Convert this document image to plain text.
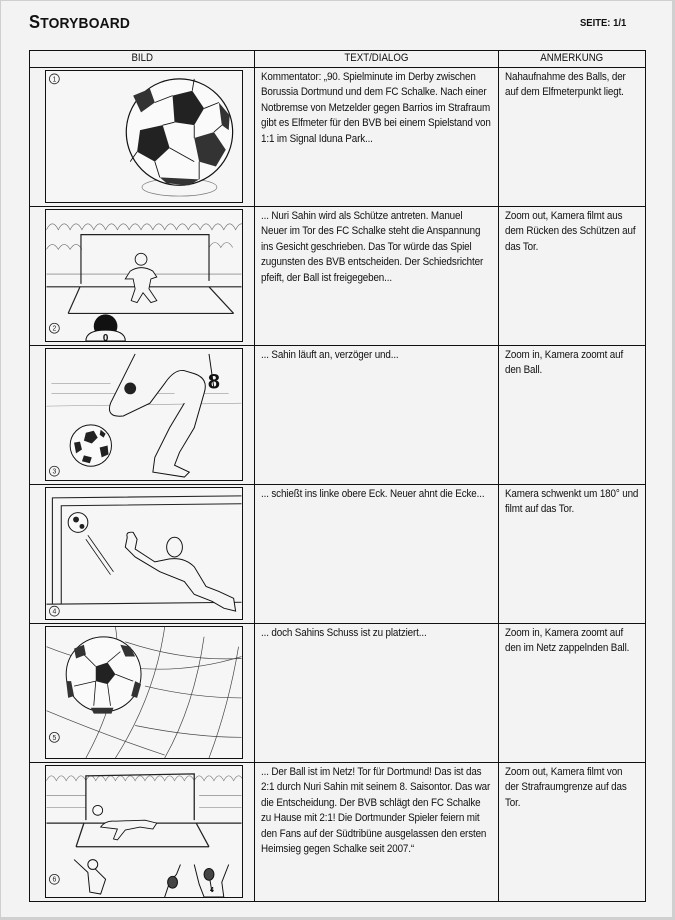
STORYBOARD	SEITE: 1/1
BILD	TEXT/DIALOG	ANMERKUNG

1	Kommentator: „90. Spielminute im Derby zwischen Borussia Dortmund und dem FC Schalke. Nach einer Notbremse von Metzelder gegen Barrios im Strafraum gibt es Elfmeter für den BVB bei einem Spielstand von 1:1 im Signal Iduna Park...	Nahaufnahme des Balls, der auf dem Elfmeterpunkt liegt.

0
2	... Nuri Sahin wird als Schütze antreten. Manuel Neuer im Tor des FC Schalke steht die Anspannung ins Gesicht geschrieben. Das Tor würde das Spiel zugunsten des BVB entscheiden. Der Schiedsrichter pfeift, der Ball ist freigegeben...	Zoom out, Kamera filmt aus dem Rücken des Schützen auf das Tor.

8
3	... Sahin läuft an, verzöger und...	Zoom in, Kamera zoomt auf den Ball.

4	... schießt ins linke obere Eck. Neuer ahnt die Ecke...	Kamera schwenkt um 180° und filmt auf das Tor.

5	... doch Sahins Schuss ist zu platziert...	Zoom in, Kamera zoomt auf den im Netz zappelnden Ball.

4
6	... Der Ball ist im Netz! Tor für Dortmund! Das ist das 2:1 durch Nuri Sahin mit seinem 8. Saisontor. Das war die Entscheidung. Der BVB schlägt den FC Schalke zu Hause mit 2:1! Die Dortmunder Spieler feiern mit den Fans auf der Südtribüne ausgelassen den ersten Heimsieg gegen Schalke seit 2007.“	Zoom out, Kamera filmt von der Strafraumgrenze auf das Tor.
